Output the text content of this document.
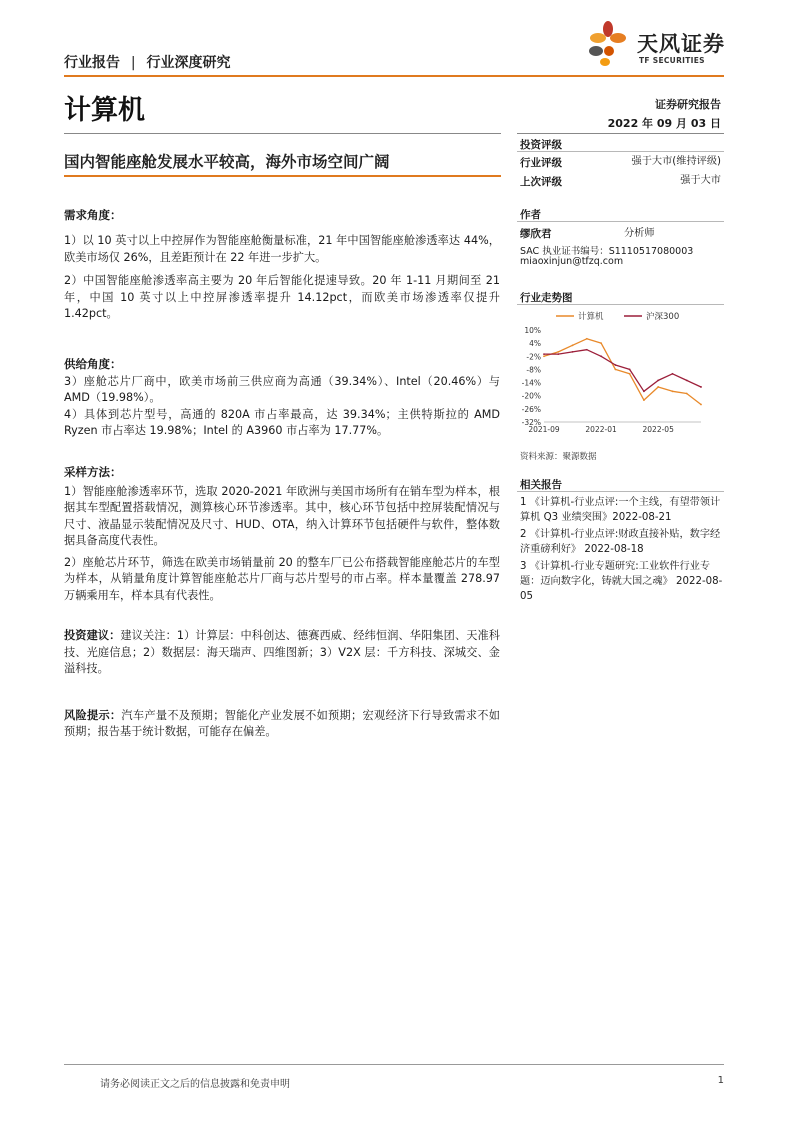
行业报告 | 行业深度研究
天风证券
TF SECURITIES
计算机	证券研究报告
2022 年 09 月 03 日
国内智能座舱发展水平较高，海外市场空间广阔
投资评级
行业评级	强于大市(维持评级)
上次评级	强于大市
作者
缪欣君	分析师
SAC 执业证书编号：S1110517080003
miaoxinjun@tfzq.com
行业走势图
计算机	沪深300
10%
4%
-2%
-8%
-14%
-20%
-26%
-32%
2021-09	2022-01	2022-05
资料来源：聚源数据
相关报告
1 《计算机-行业点评:一个主线，有望带领计算机 Q3 业绩突围》2022-08-21
2 《计算机-行业点评:财政直接补贴，数字经济重磅利好》 2022-08-18
3 《计算机-行业专题研究:工业软件行业专题：迈向数字化，铸就大国之魂》 2022-08-05
需求角度：

1）以 10 英寸以上中控屏作为智能座舱衡量标准，21 年中国智能座舱渗透率达 44%，欧美市场仅 26%，且差距预计在 22 年进一步扩大。

2）中国智能座舱渗透率高主要为 20 年后智能化提速导致。20 年 1-11 月期间至 21 年，中国 10 英寸以上中控屏渗透率提升 14.12pct，而欧美市场渗透率仅提升 1.42pct。

供给角度：

3）座舱芯片厂商中，欧美市场前三供应商为高通（39.34%）、Intel（20.46%）与 AMD（19.98%）。

4）具体到芯片型号，高通的 820A 市占率最高，达 39.34%；主供特斯拉的 AMD Ryzen 市占率达 19.98%；Intel 的 A3960 市占率为 17.77%。

采样方法：

1）智能座舱渗透率环节，选取 2020-2021 年欧洲与美国市场所有在销车型为样本，根据其车型配置搭载情况，测算核心环节渗透率。其中，核心环节包括中控屏装配情况与尺寸、液晶显示装配情况及尺寸、HUD、OTA，纳入计算环节包括硬件与软件，整体数据具备高度代表性。

2）座舱芯片环节，筛选在欧美市场销量前 20 的整车厂已公布搭载智能座舱芯片的车型为样本，从销量角度计算智能座舱芯片厂商与芯片型号的市占率。样本量覆盖 278.97 万辆乘用车，样本具有代表性。

投资建议：建议关注：1）计算层：中科创达、德赛西威、经纬恒润、华阳集团、天准科技、光庭信息；2）数据层：海天瑞声、四维图新；3）V2X 层：千方科技、深城交、金溢科技。

风险提示：汽车产量不及预期；智能化产业发展不如预期；宏观经济下行导致需求不如预期；报告基于统计数据，可能存在偏差。

请务必阅读正文之后的信息披露和免责申明	1
